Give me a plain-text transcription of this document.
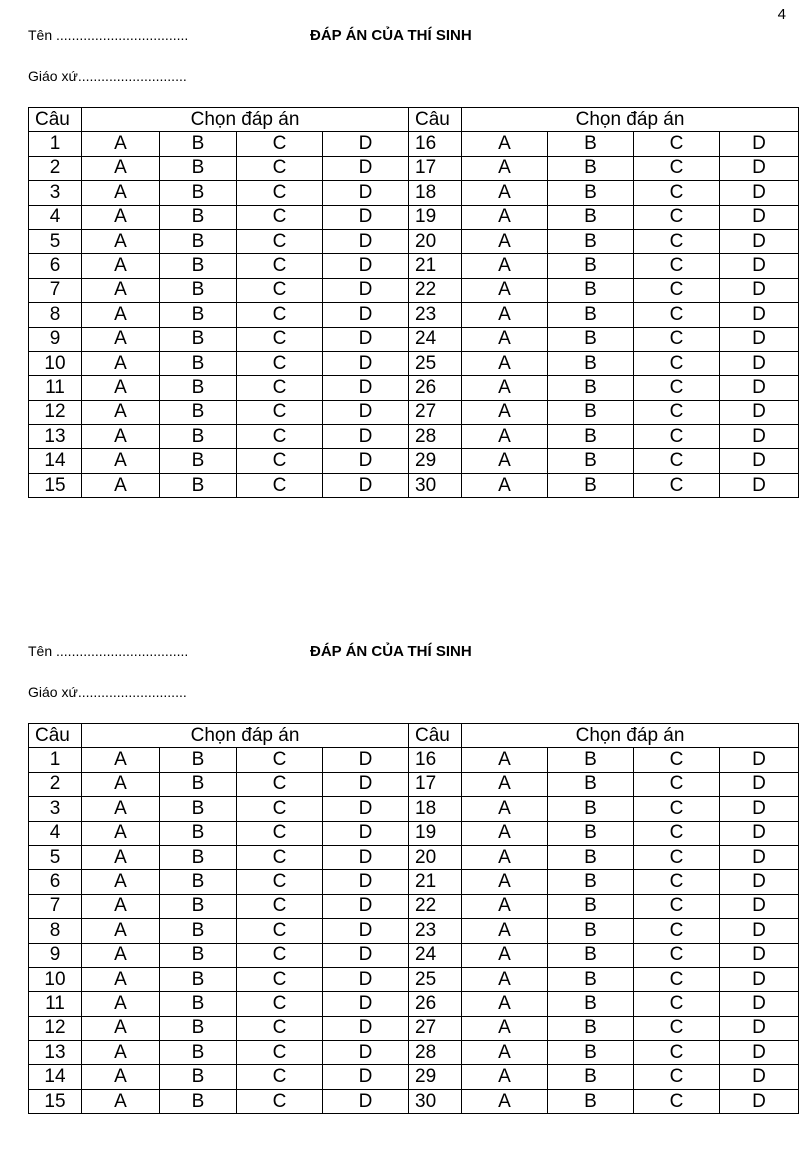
4
Tên ..................................	ĐÁP ÁN CỦA THÍ SINH
Giáo xứ............................
Câu	Chọn đáp án				Câu	Chọn đáp án			
1	A	B	C	D	16	A	B	C	D
2	A	B	C	D	17	A	B	C	D
3	A	B	C	D	18	A	B	C	D
4	A	B	C	D	19	A	B	C	D
5	A	B	C	D	20	A	B	C	D
6	A	B	C	D	21	A	B	C	D
7	A	B	C	D	22	A	B	C	D
8	A	B	C	D	23	A	B	C	D
9	A	B	C	D	24	A	B	C	D
10	A	B	C	D	25	A	B	C	D
11	A	B	C	D	26	A	B	C	D
12	A	B	C	D	27	A	B	C	D
13	A	B	C	D	28	A	B	C	D
14	A	B	C	D	29	A	B	C	D
15	A	B	C	D	30	A	B	C	D
Tên ..................................	ĐÁP ÁN CỦA THÍ SINH
Giáo xứ............................
Câu	Chọn đáp án				Câu	Chọn đáp án			
1	A	B	C	D	16	A	B	C	D
2	A	B	C	D	17	A	B	C	D
3	A	B	C	D	18	A	B	C	D
4	A	B	C	D	19	A	B	C	D
5	A	B	C	D	20	A	B	C	D
6	A	B	C	D	21	A	B	C	D
7	A	B	C	D	22	A	B	C	D
8	A	B	C	D	23	A	B	C	D
9	A	B	C	D	24	A	B	C	D
10	A	B	C	D	25	A	B	C	D
11	A	B	C	D	26	A	B	C	D
12	A	B	C	D	27	A	B	C	D
13	A	B	C	D	28	A	B	C	D
14	A	B	C	D	29	A	B	C	D
15	A	B	C	D	30	A	B	C	D
